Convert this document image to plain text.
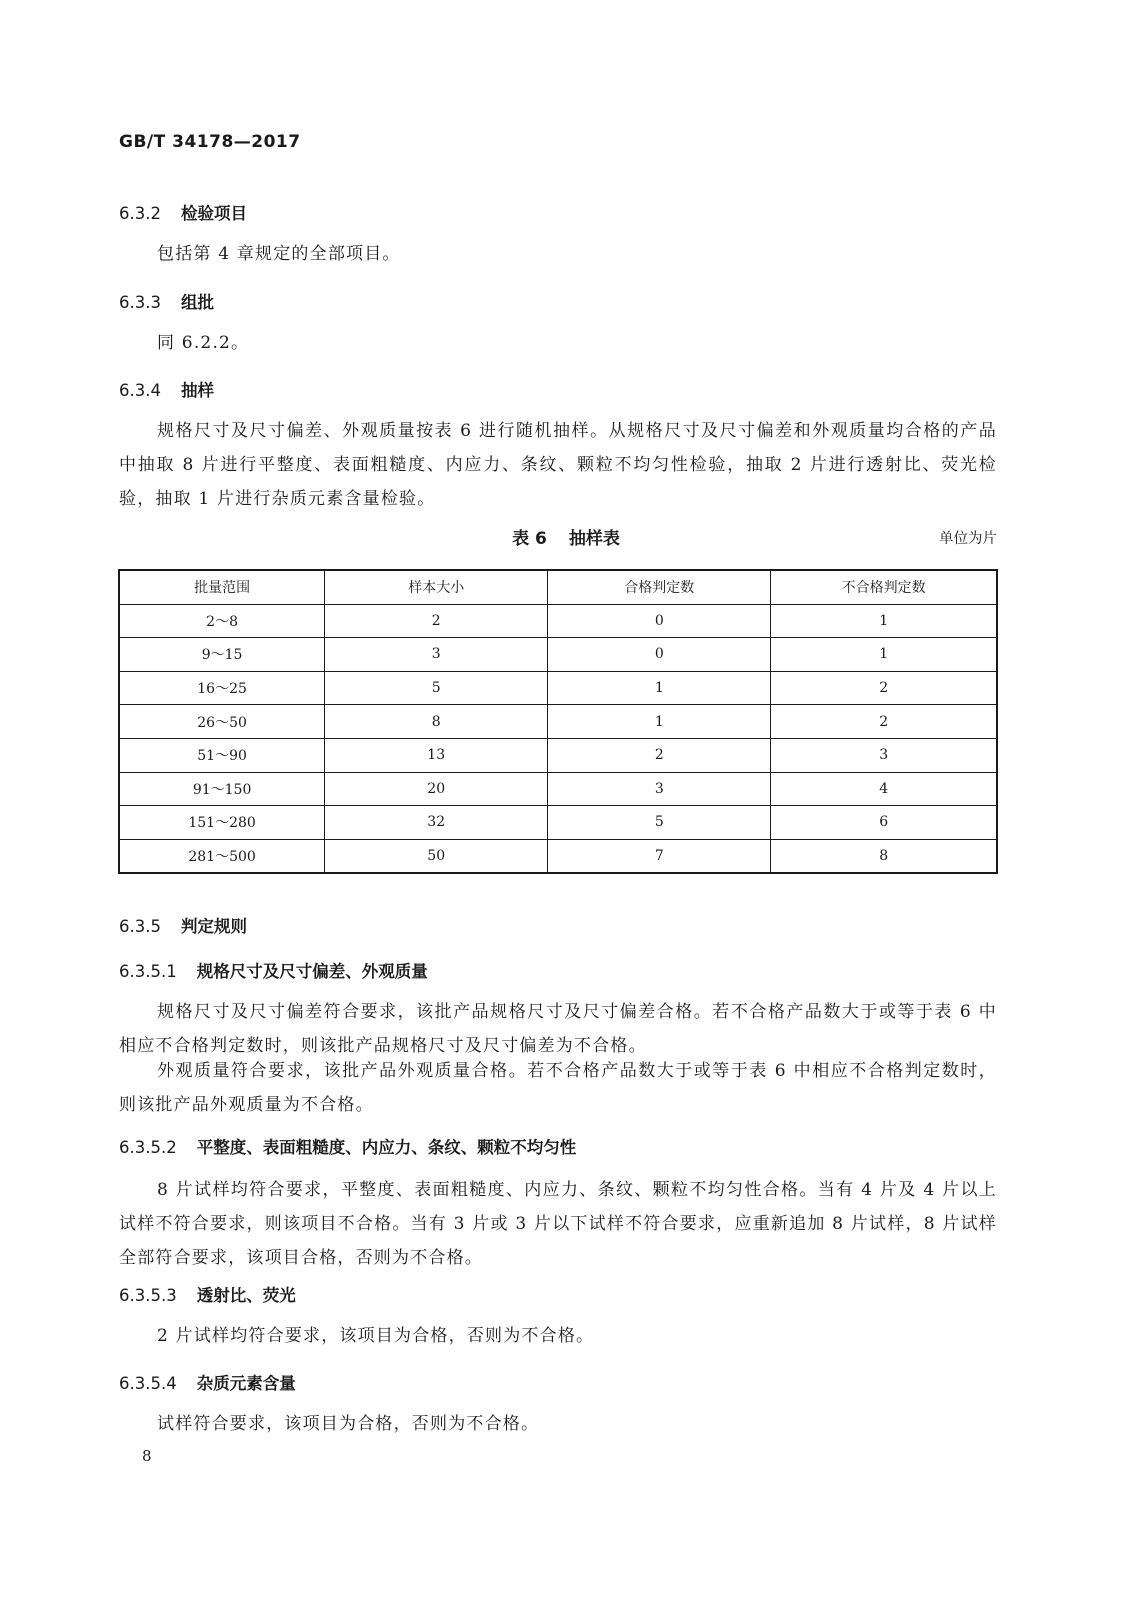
GB/T 34178—2017
6.3.2 检验项目
包括第 4 章规定的全部项目。
6.3.3 组批
同 6.2.2。
6.3.4 抽样
规格尺寸及尺寸偏差、外观质量按表 6 进行随机抽样。从规格尺寸及尺寸偏差和外观质量均合格的产品中抽取 8 片进行平整度、表面粗糙度、内应力、条纹、颗粒不均匀性检验，抽取 2 片进行透射比、荧光检验，抽取 1 片进行杂质元素含量检验。
表 6 抽样表	单位为片
批量范围	样本大小	合格判定数	不合格判定数
2～8	2	0	1
9～15	3	0	1
16～25	5	1	2
26～50	8	1	2
51～90	13	2	3
91～150	20	3	4
151～280	32	5	6
281～500	50	7	8
6.3.5 判定规则
6.3.5.1 规格尺寸及尺寸偏差、外观质量
规格尺寸及尺寸偏差符合要求，该批产品规格尺寸及尺寸偏差合格。若不合格产品数大于或等于表 6 中相应不合格判定数时，则该批产品规格尺寸及尺寸偏差为不合格。
外观质量符合要求，该批产品外观质量合格。若不合格产品数大于或等于表 6 中相应不合格判定数时，则该批产品外观质量为不合格。
6.3.5.2 平整度、表面粗糙度、内应力、条纹、颗粒不均匀性
8 片试样均符合要求，平整度、表面粗糙度、内应力、条纹、颗粒不均匀性合格。当有 4 片及 4 片以上试样不符合要求，则该项目不合格。当有 3 片或 3 片以下试样不符合要求，应重新追加 8 片试样，8 片试样全部符合要求，该项目合格，否则为不合格。
6.3.5.3 透射比、荧光
2 片试样均符合要求，该项目为合格，否则为不合格。
6.3.5.4 杂质元素含量
试样符合要求，该项目为合格，否则为不合格。
8
